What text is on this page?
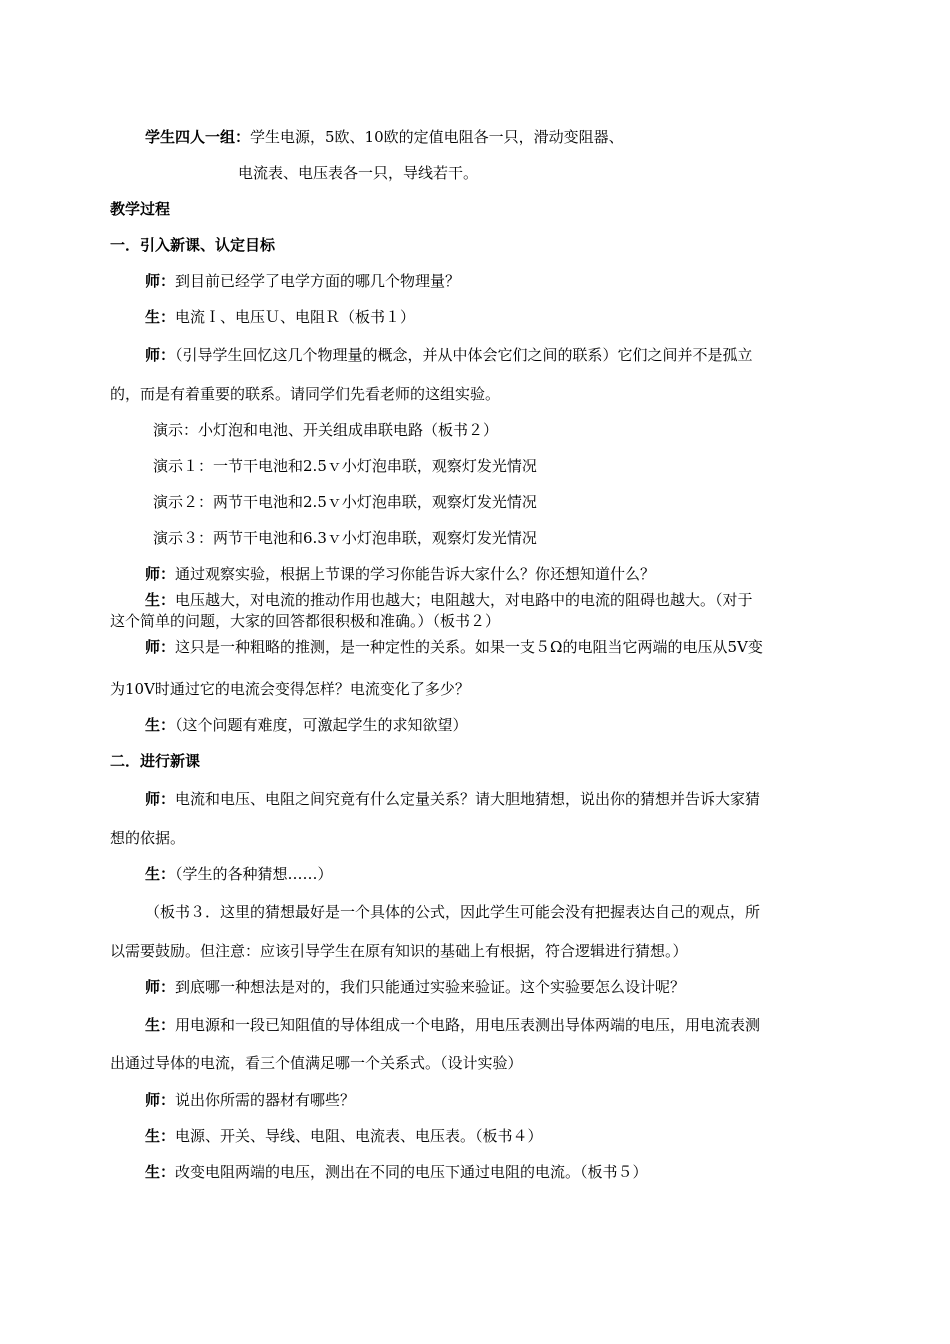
学生四人一组：学生电源，5欧、10欧的定值电阻各一只，滑动变阻器、
电流表、电压表各一只，导线若干。
教学过程
一．引入新课、认定目标
师：到目前已经学了电学方面的哪几个物理量？
生：电流Ｉ、电压Ｕ、电阻Ｒ（板书１）
师：（引导学生回忆这几个物理量的概念，并从中体会它们之间的联系）它们之间并不是孤立
的，而是有着重要的联系。请同学们先看老师的这组实验。
演示：小灯泡和电池、开关组成串联电路（板书２）
演示１：一节干电池和2.5ｖ小灯泡串联，观察灯发光情况
演示２：两节干电池和2.5ｖ小灯泡串联，观察灯发光情况
演示３：两节干电池和6.3ｖ小灯泡串联，观察灯发光情况
师：通过观察实验，根据上节课的学习你能告诉大家什么？你还想知道什么？
生：电压越大，对电流的推动作用也越大；电阻越大，对电路中的电流的阻碍也越大。（对于
这个简单的问题，大家的回答都很积极和准确。）（板书２）
师：这只是一种粗略的推测，是一种定性的关系。如果一支５Ω的电阻当它两端的电压从5V变
为10V时通过它的电流会变得怎样？电流变化了多少？
生：（这个问题有难度，可激起学生的求知欲望）
二．进行新课
师：电流和电压、电阻之间究竟有什么定量关系？请大胆地猜想，说出你的猜想并告诉大家猜
想的依据。
生：（学生的各种猜想……）
（板书３．这里的猜想最好是一个具体的公式，因此学生可能会没有把握表达自己的观点，所
以需要鼓励。但注意：应该引导学生在原有知识的基础上有根据，符合逻辑进行猜想。）
师：到底哪一种想法是对的，我们只能通过实验来验证。这个实验要怎么设计呢？
生：用电源和一段已知阻值的导体组成一个电路，用电压表测出导体两端的电压，用电流表测
出通过导体的电流，看三个值满足哪一个关系式。（设计实验）
师：说出你所需的器材有哪些？
生：电源、开关、导线、电阻、电流表、电压表。（板书４）
生：改变电阻两端的电压，测出在不同的电压下通过电阻的电流。（板书５）
